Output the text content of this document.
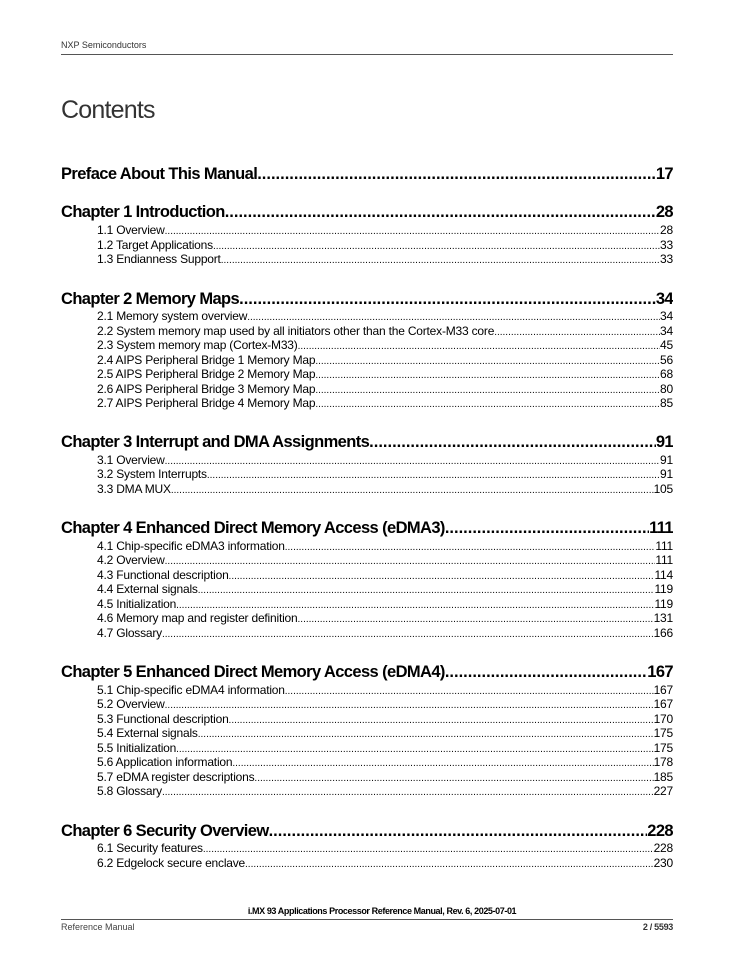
NXP Semiconductors
Contents
Preface About This Manual .....	17
Chapter 1 Introduction .....	28
1.1 Overview .....	28
1.2 Target Applications .....	33
1.3 Endianness Support .....	33
Chapter 2 Memory Maps .....	34
2.1 Memory system overview .....	34
2.2 System memory map used by all initiators other than the Cortex-M33 core .....	34
2.3 System memory map (Cortex-M33) .....	45
2.4 AIPS Peripheral Bridge 1 Memory Map .....	56
2.5 AIPS Peripheral Bridge 2 Memory Map .....	68
2.6 AIPS Peripheral Bridge 3 Memory Map .....	80
2.7 AIPS Peripheral Bridge 4 Memory Map .....	85
Chapter 3 Interrupt and DMA Assignments .....	91
3.1 Overview .....	91
3.2 System Interrupts .....	91
3.3 DMA MUX .....	105
Chapter 4 Enhanced Direct Memory Access (eDMA3) .....	111
4.1 Chip-specific eDMA3 information .....	111
4.2 Overview .....	111
4.3 Functional description .....	114
4.4 External signals .....	119
4.5 Initialization .....	119
4.6 Memory map and register definition .....	131
4.7 Glossary .....	166
Chapter 5 Enhanced Direct Memory Access (eDMA4) .....	167
5.1 Chip-specific eDMA4 information .....	167
5.2 Overview .....	167
5.3 Functional description .....	170
5.4 External signals .....	175
5.5 Initialization .....	175
5.6 Application information .....	178
5.7 eDMA register descriptions .....	185
5.8 Glossary .....	227
Chapter 6 Security Overview .....	228
6.1 Security features .....	228
6.2 Edgelock secure enclave .....	230
i.MX 93 Applications Processor Reference Manual, Rev. 6, 2025-07-01
Reference Manual	2 / 5593
